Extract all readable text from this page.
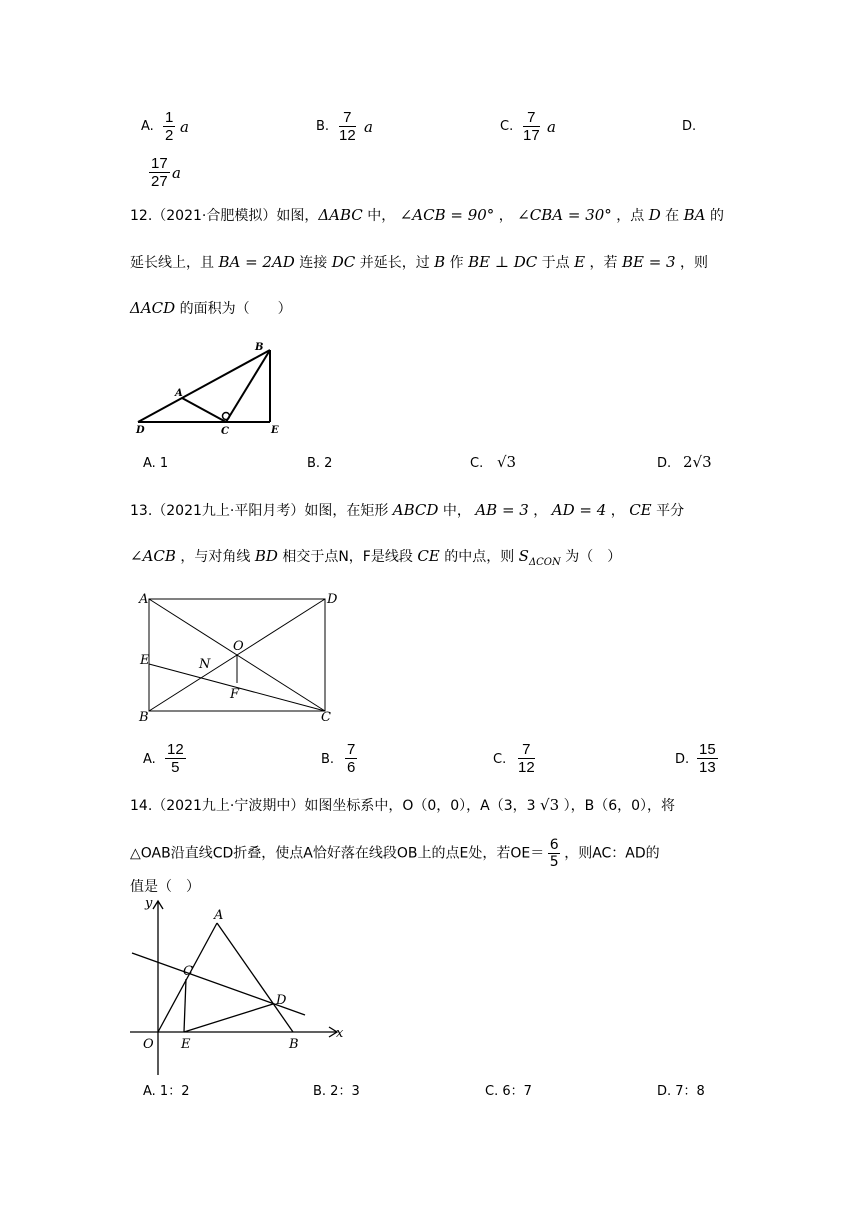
A.
1
2 a	B.
7
12 a	C.
7
17 a	D.
17
27 a
12.（2021·合肥模拟）如图，ΔABC 中， ∠ACB = 90° ， ∠CBA = 30° ，点 D 在 BA 的
延长线上，且 BA = 2AD 连接 DC 并延长，过 B 作 BE ⊥ DC 于点 E ，若 BE = 3 ，则
ΔACD 的面积为（　　）
B
A
D	C	E
A. 1	B. 2	C. √3	D. 2√3
13.（2021九上·平阳月考）如图，在矩形 ABCD 中， AB = 3 ， AD = 4 ， CE 平分
∠ACB ，与对角线 BD 相交于点N，F是线段 CE 的中点，则 $S_{\Delta CON}$ 为（　）
A	D
E	N
O
F
B	C
A.
12
5	B.
7
6	C.
7
12	D.
15
13
14.（2021九上·宁波期中）如图坐标系中，O（0，0），A（3，3 √3 ），B（6，0），将
△OAB沿直线CD折叠，使点A恰好落在线段OB上的点E处，若$OE= \frac{6}{5}$ ，则AC：AD的
值是（　）
y
x
A
C
D
O E	B
A. 1：2	B. 2：3	C. 6：7	D. 7：8
